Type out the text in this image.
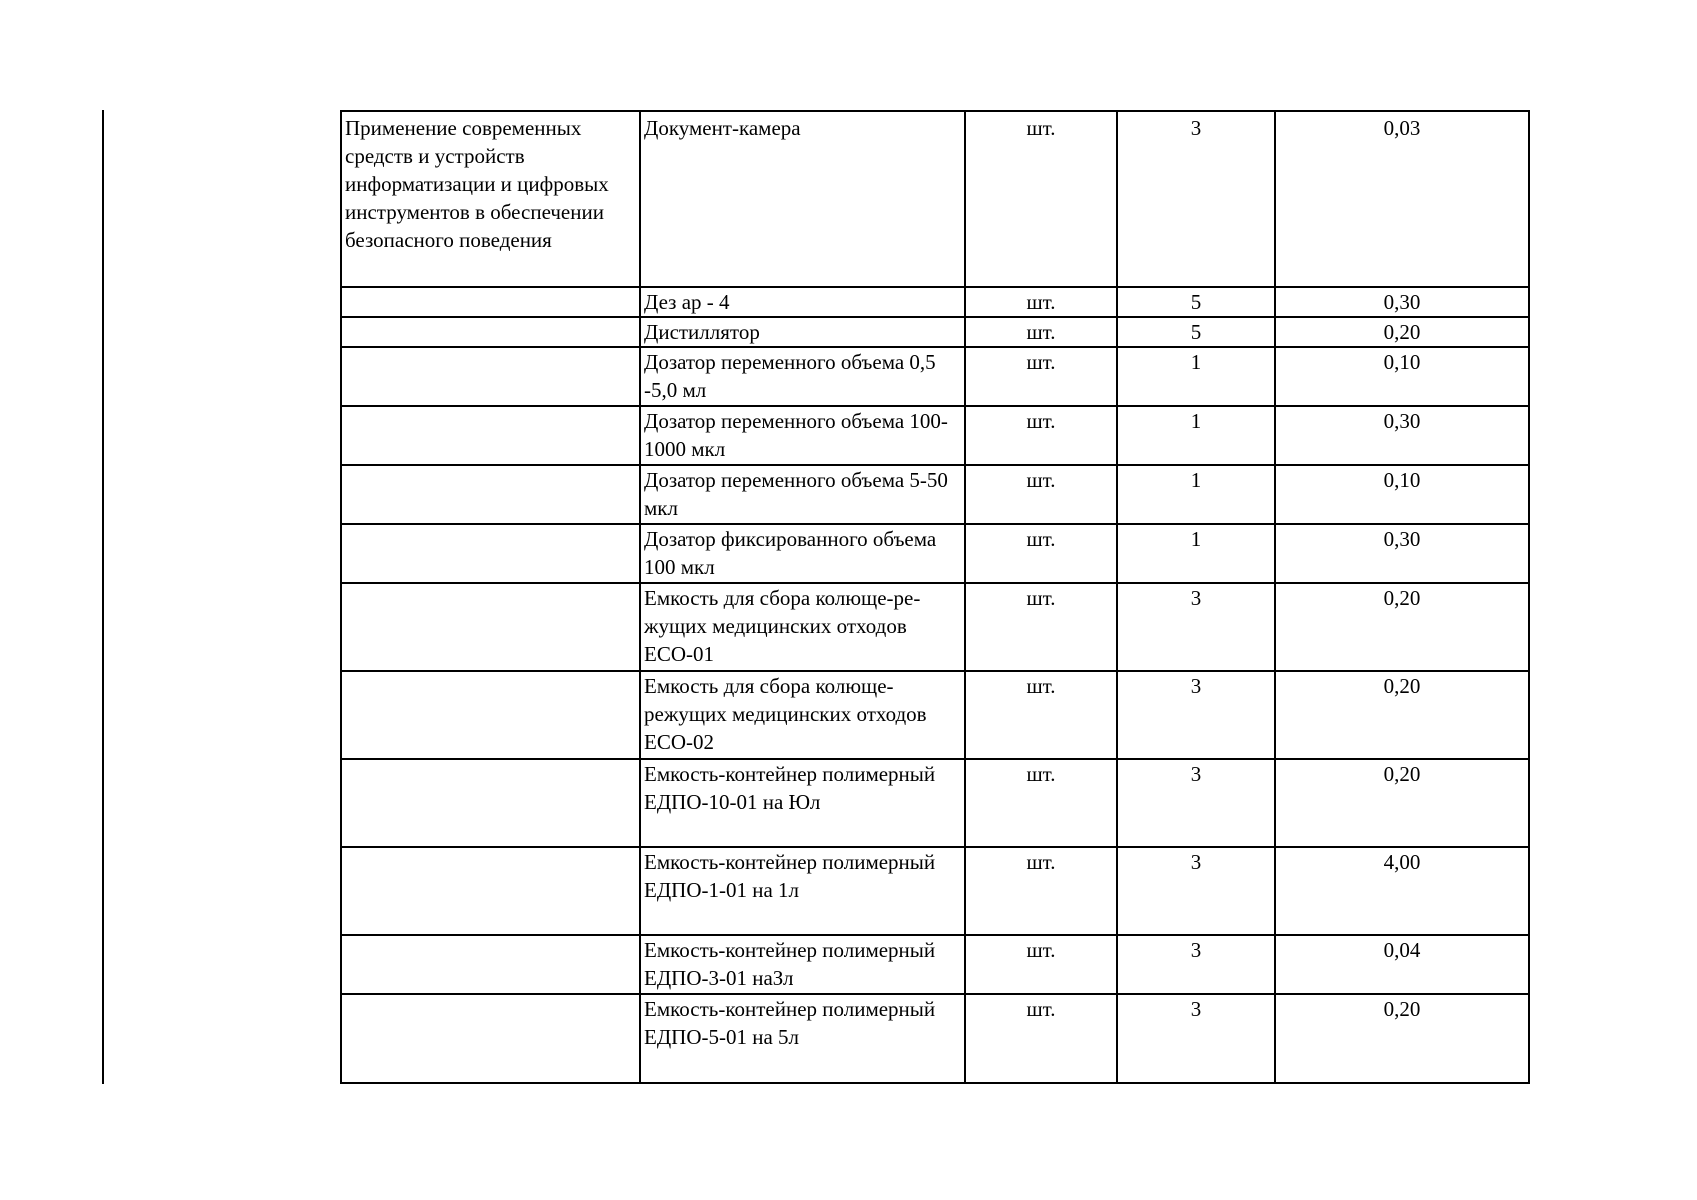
Применение современных средств и устройств информатизации и цифровых инструментов в обеспечении безопасного поведения	Документ-камера	шт.	3	0,03
	Дез ар - 4	шт.	5	0,30
	Дистиллятор	шт.	5	0,20
	Дозатор переменного объема 0,5 -5,0 мл	шт.	1	0,10
	Дозатор переменного объема 100-1000 мкл	шт.	1	0,30
	Дозатор переменного объема 5-50 мкл	шт.	1	0,10
	Дозатор фиксированного объема 100 мкл	шт.	1	0,30
	Емкость для сбора колюще-ре-жущих медицинских отходов ЕСО-01	шт.	3	0,20
	Емкость для сбора колюще-режущих медицинских отходов ЕСО-02	шт.	3	0,20
	Емкость-контейнер полимерный ЕДПО-10-01 на Юл	шт.	3	0,20
	Емкость-контейнер полимерный ЕДПО-1-01 на 1л	шт.	3	4,00
	Емкость-контейнер полимерный ЕДПО-3-01 наЗл	шт.	3	0,04
	Емкость-контейнер полимерный ЕДПО-5-01 на 5л	шт.	3	0,20
